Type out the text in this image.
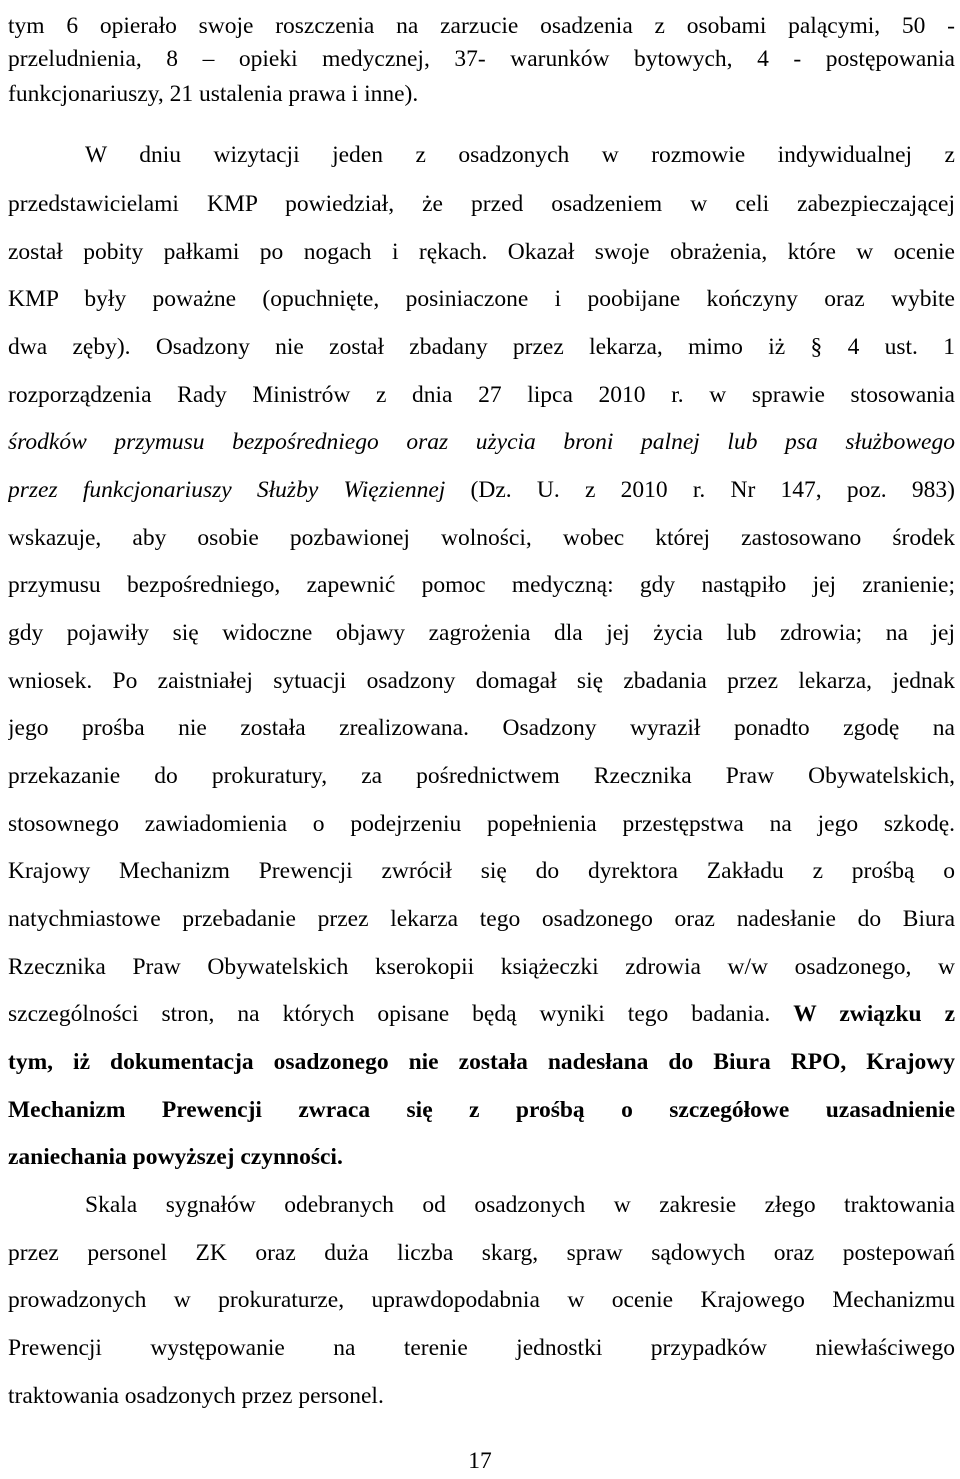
tym 6 opierało swoje roszczenia na zarzucie osadzenia z osobami palącymi, 50 -
przeludnienia, 8 – opieki medycznej, 37- warunków bytowych, 4 - postępowania
funkcjonariuszy, 21 ustalenia prawa i inne).
W dniu wizytacji jeden z osadzonych w rozmowie indywidualnej z
przedstawicielami KMP powiedział, że przed osadzeniem w celi zabezpieczającej
został pobity pałkami po nogach i rękach. Okazał swoje obrażenia, które w ocenie
KMP były poważne (opuchnięte, posiniaczone i poobijane kończyny oraz wybite
dwa zęby). Osadzony nie został zbadany przez lekarza, mimo iż § 4 ust. 1
rozporządzenia Rady Ministrów z dnia 27 lipca 2010 r. w sprawie stosowania
środków przymusu bezpośredniego oraz użycia broni palnej lub psa służbowego
przez funkcjonariuszy Służby Więziennej (Dz. U. z 2010 r. Nr 147, poz. 983)
wskazuje, aby osobie pozbawionej wolności, wobec której zastosowano środek
przymusu bezpośredniego, zapewnić pomoc medyczną: gdy nastąpiło jej zranienie;
gdy pojawiły się widoczne objawy zagrożenia dla jej życia lub zdrowia; na jej
wniosek. Po zaistniałej sytuacji osadzony domagał się zbadania przez lekarza, jednak
jego prośba nie została zrealizowana. Osadzony wyraził ponadto zgodę na
przekazanie do prokuratury, za pośrednictwem Rzecznika Praw Obywatelskich,
stosownego zawiadomienia o podejrzeniu popełnienia przestępstwa na jego szkodę.
Krajowy Mechanizm Prewencji zwrócił się do dyrektora Zakładu z prośbą o
natychmiastowe przebadanie przez lekarza tego osadzonego oraz nadesłanie do Biura
Rzecznika Praw Obywatelskich kserokopii książeczki zdrowia w/w osadzonego, w
szczególności stron, na których opisane będą wyniki tego badania. W związku z
tym, iż dokumentacja osadzonego nie została nadesłana do Biura RPO, Krajowy
Mechanizm Prewencji zwraca się z prośbą o szczegółowe uzasadnienie
zaniechania powyższej czynności.
Skala sygnałów odebranych od osadzonych w zakresie złego traktowania
przez personel ZK oraz duża liczba skarg, spraw sądowych oraz postepowań
prowadzonych w prokuraturze, uprawdopodabnia w ocenie Krajowego Mechanizmu
Prewencji występowanie na terenie jednostki przypadków niewłaściwego
traktowania osadzonych przez personel.
17
